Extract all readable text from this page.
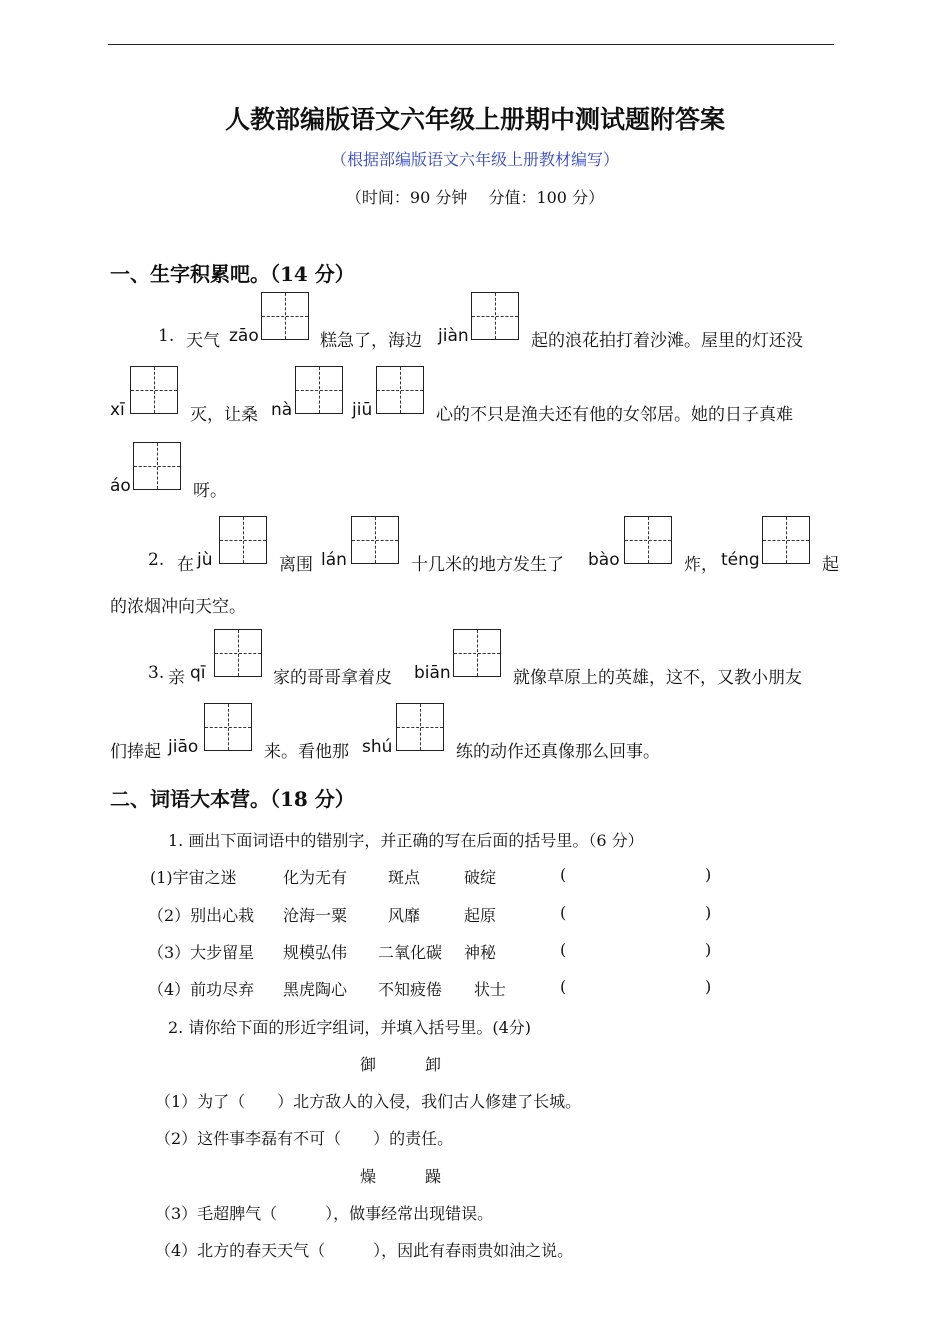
人教部编版语文六年级上册期中测试题附答案
（根据部编版语文六年级上册教材编写）
（时间：90 分钟　 分值：100 分）
一、生字积累吧。（14 分）
1. 天气 zāo	糕急了，海边 jiàn	起的浪花拍打着沙滩。屋里的灯还没
xī	灭，让桑 nà	jiū	心的不只是渔夫还有他的女邻居。她的日子真难
áo	呀。
2. 在 jù	离围 lán	十几米的地方发生了 bào	炸， téng	起
的浓烟冲向天空。
3. 亲 qī	家的哥哥拿着皮 biān	就像草原上的英雄，这不，又教小朋友
们捧起 jiāo	来。看他那 shú	练的动作还真像那么回事。
二、词语大本营。（18 分）
1. 画出下面词语中的错别字，并正确的写在后面的括号里。（6 分）
(1)宇宙之迷	化为无有	斑点	破绽	(	)
（2）别出心栽 沧海一粟	风靡	起原	(	)
（3）大步留星 规模弘伟 二氧化碳 神秘	(	)
（4）前功尽弃 黑虎陶心 不知疲倦 状士	(	)
2. 请你给下面的形近字组词，并填入括号里。(4分)
御	卸
（1）为了（　　）北方敌人的入侵，我们古人修建了长城。
（2）这件事李磊有不可（　　）的责任。
燥	躁
（3）毛超脾气（　　　），做事经常出现错误。
（4）北方的春天天气（　　　），因此有春雨贵如油之说。
